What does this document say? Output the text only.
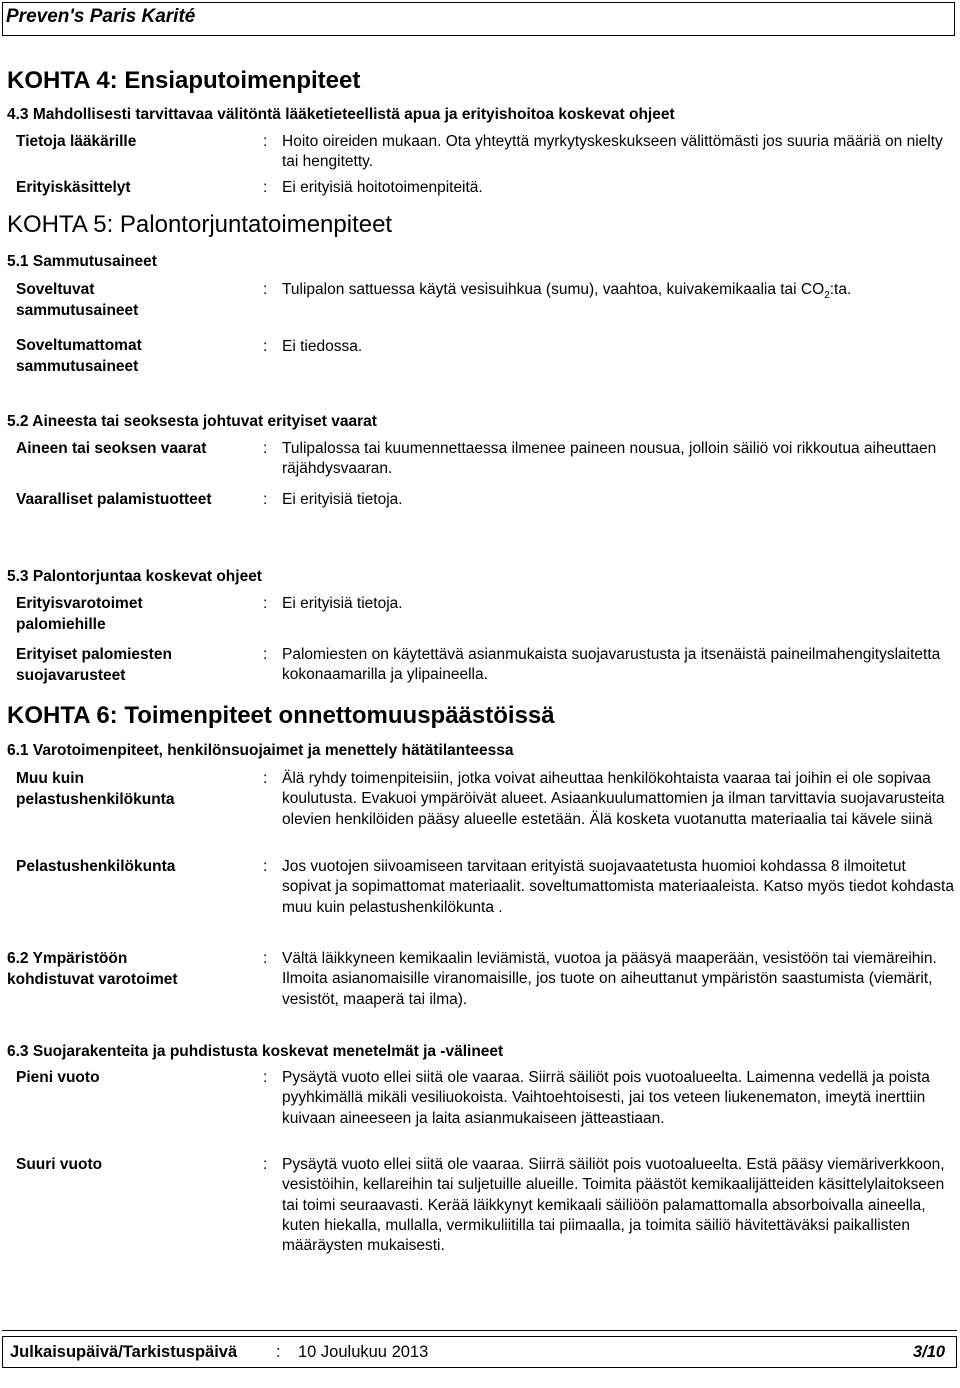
Preven's Paris Karité
KOHTA 4: Ensiaputoimenpiteet
4.3 Mahdollisesti tarvittavaa välitöntä lääketieteellistä apua ja erityishoitoa koskevat ohjeet
Tietoja lääkärille	: Hoito oireiden mukaan. Ota yhteyttä myrkytyskeskukseen välittömästi jos suuria määriä on nielty tai hengitetty.
Erityiskäsittelyt	: Ei erityisiä hoitotoimenpiteitä.
KOHTA 5: Palontorjuntatoimenpiteet
5.1 Sammutusaineet
Soveltuvat
sammutusaineet
: Tulipalon sattuessa käytä vesisuihkua (sumu), vaahtoa, kuivakemikaalia tai $CO_2:ta$.
Soveltumattomat
sammutusaineet
: Ei tiedossa.
5.2 Aineesta tai seoksesta johtuvat erityiset vaarat
Aineen tai seoksen vaarat	: Tulipalossa tai kuumennettaessa ilmenee paineen nousua, jolloin säiliö voi rikkoutua aiheuttaen räjähdysvaaran.
Vaaralliset palamistuotteet	: Ei erityisiä tietoja.
5.3 Palontorjuntaa koskevat ohjeet
Erityisvarotoimet
palomiehille
: Ei erityisiä tietoja.
Erityiset palomiesten
suojavarusteet
: Palomiesten on käytettävä asianmukaista suojavarustusta ja itsenäistä paineilmahengityslaitetta kokonaamarilla ja ylipaineella.
KOHTA 6: Toimenpiteet onnettomuuspäästöissä
6.1 Varotoimenpiteet, henkilönsuojaimet ja menettely hätätilanteessa
Muu kuin
pelastushenkilökunta
: Älä ryhdy toimenpiteisiin, jotka voivat aiheuttaa henkilökohtaista vaaraa tai joihin ei ole sopivaa koulutusta. Evakuoi ympäröivät alueet. Asiaankuulumattomien ja ilman tarvittavia suojavarusteita olevien henkilöiden pääsy alueelle estetään. Älä kosketa vuotanutta materiaalia tai kävele siinä
Pelastushenkilökunta	: Jos vuotojen siivoamiseen tarvitaan erityistä suojavaatetusta huomioi kohdassa 8 ilmoitetut sopivat ja sopimattomat materiaalit. soveltumattomista materiaaleista. Katso myös tiedot kohdasta muu kuin pelastushenkilökunta .
6.2 Ympäristöön
kohdistuvat varotoimet
: Vältä läikkyneen kemikaalin leviämistä, vuotoa ja pääsyä maaperään, vesistöön tai viemäreihin. Ilmoita asianomaisille viranomaisille, jos tuote on aiheuttanut ympäristön saastumista (viemärit, vesistöt, maaperä tai ilma).
6.3 Suojarakenteita ja puhdistusta koskevat menetelmät ja -välineet
Pieni vuoto	: Pysäytä vuoto ellei siitä ole vaaraa. Siirrä säiliöt pois vuotoalueelta. Laimenna vedellä ja poista pyyhkimällä mikäli vesiliuokoista. Vaihtoehtoisesti, jai tos veteen liukenematon, imeytä inerttiin kuivaan aineeseen ja laita asianmukaiseen jätteastiaan.
Suuri vuoto	: Pysäytä vuoto ellei siitä ole vaaraa. Siirrä säiliöt pois vuotoalueelta. Estä pääsy viemäriverkkoon, vesistöihin, kellareihin tai suljetuille alueille. Toimita päästöt kemikaalijätteiden käsittelylaitokseen tai toimi seuraavasti. Kerää läikkynyt kemikaali säiliöön palamattomalla absorboivalla aineella, kuten hiekalla, mullalla, vermikuliitilla tai piimaalla, ja toimita säiliö hävitettäväksi paikallisten määräysten mukaisesti.
Julkaisupäivä/Tarkistuspäivä : 10 Joulukuu 2013	3/10
